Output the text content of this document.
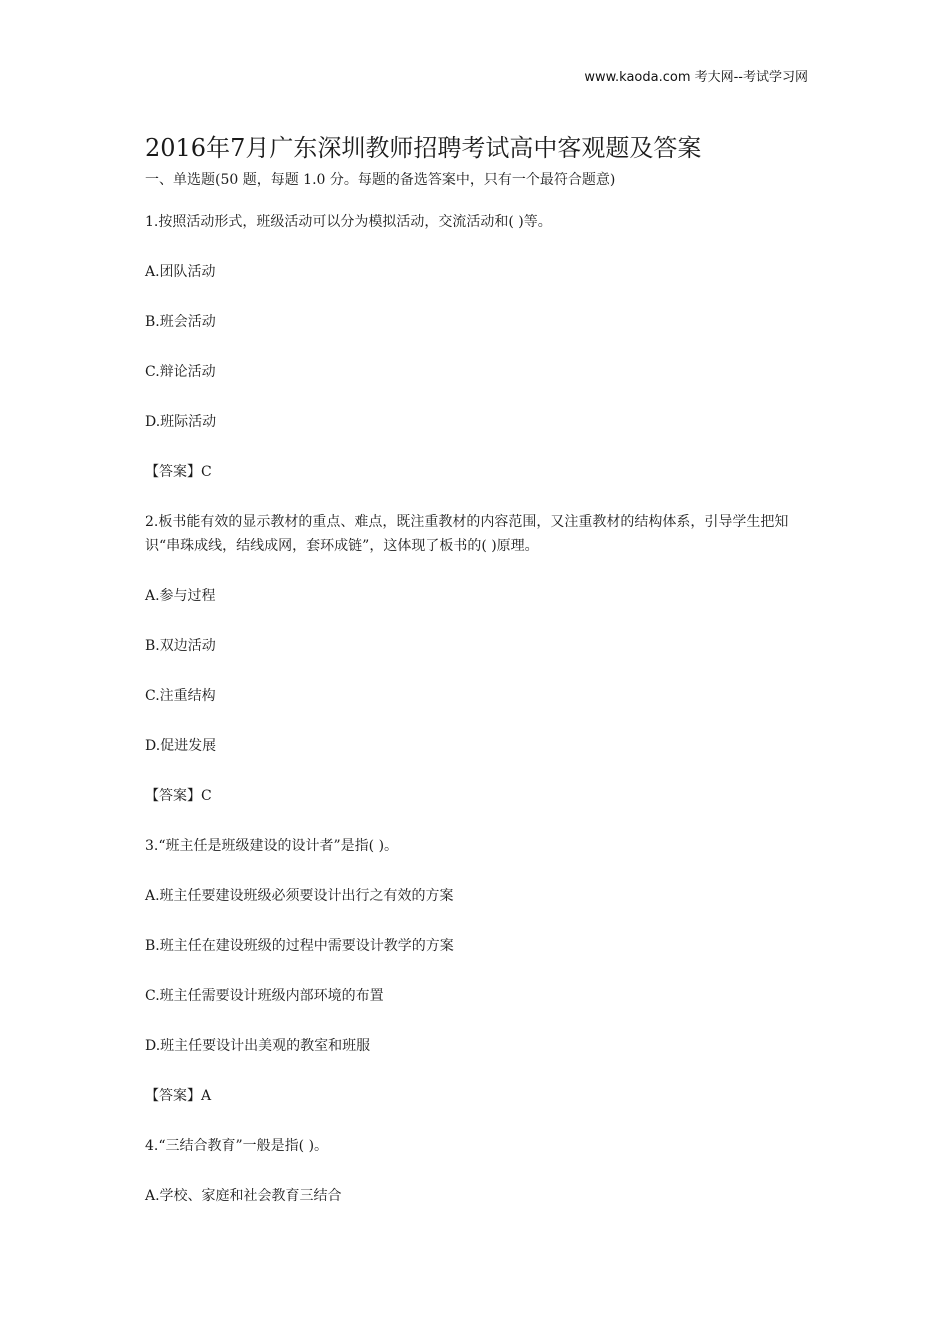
www.kaoda.com 考大网--考试学习网
2016年7月广东深圳教师招聘考试高中客观题及答案

一、单选题(50 题，每题 1.0 分。每题的备选答案中，只有一个最符合题意)

1.按照活动形式，班级活动可以分为模拟活动，交流活动和( )等。

A.团队活动

B.班会活动

C.辩论活动

D.班际活动

【答案】C

2.板书能有效的显示教材的重点、难点，既注重教材的内容范围，又注重教材的结构体系，引导学生把知识“串珠成线，结线成网，套环成链”，这体现了板书的( )原理。

A.参与过程

B.双边活动

C.注重结构

D.促进发展

【答案】C

3.“班主任是班级建设的设计者”是指( )。

A.班主任要建设班级必须要设计出行之有效的方案

B.班主任在建设班级的过程中需要设计教学的方案

C.班主任需要设计班级内部环境的布置

D.班主任要设计出美观的教室和班服

【答案】A

4.“三结合教育”一般是指( )。

A.学校、家庭和社会教育三结合
